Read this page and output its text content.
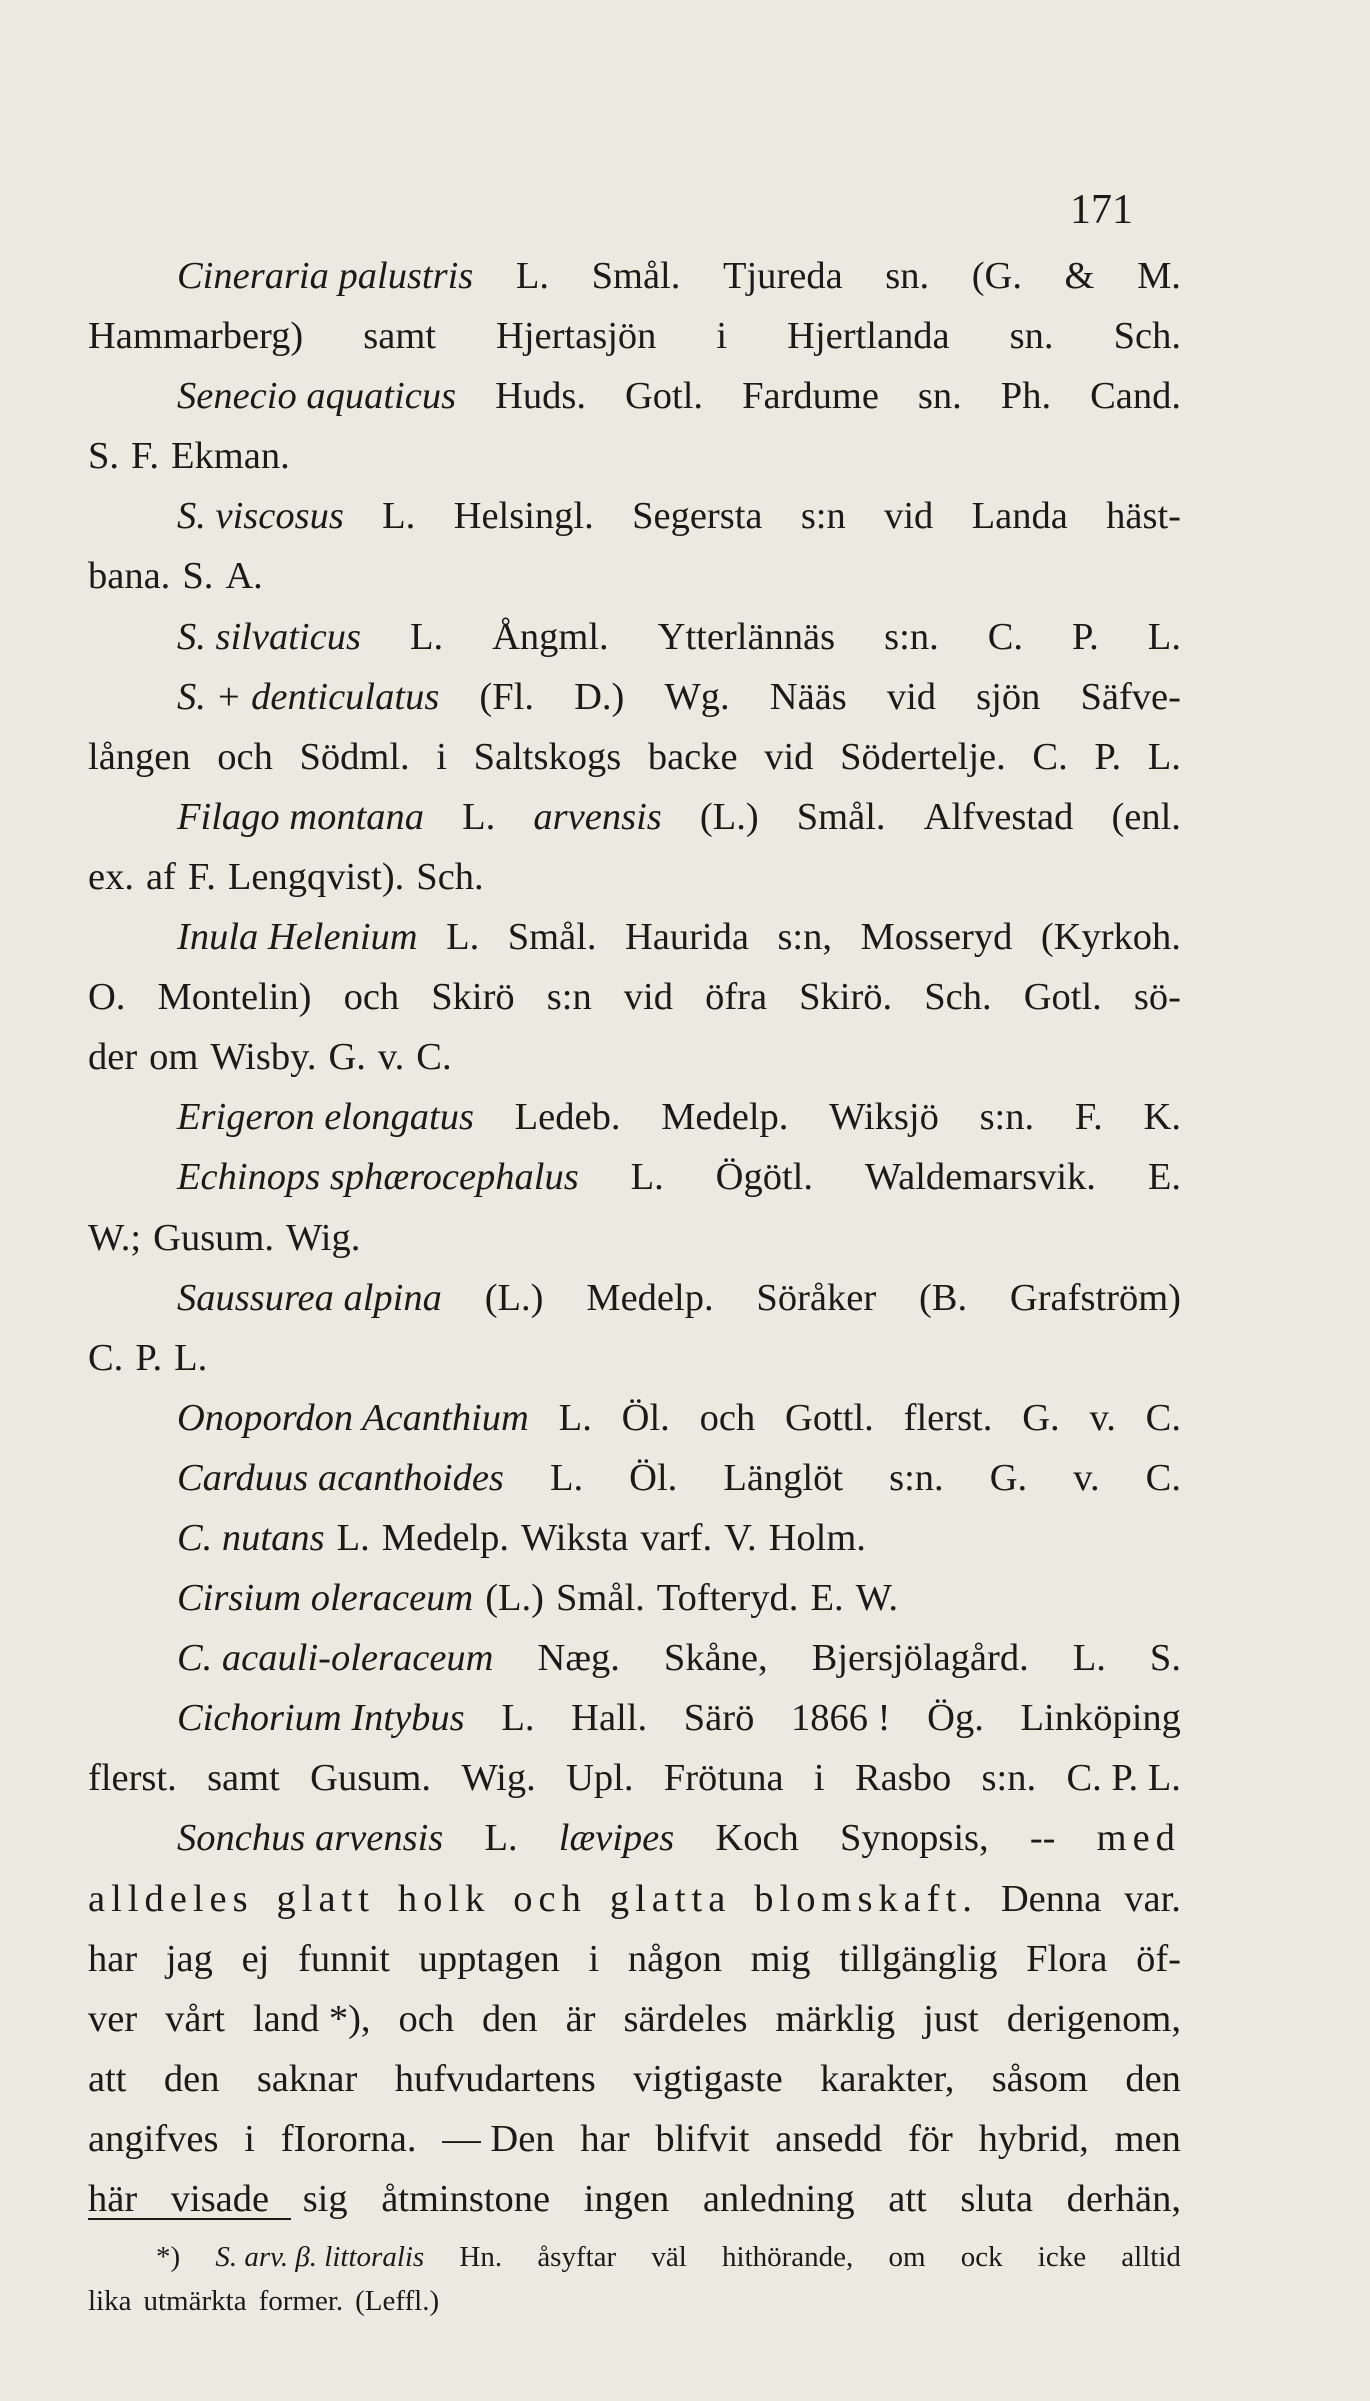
171
Cineraria palustris L. Smål. Tjureda sn. (G. & M.
Hammarberg) samt Hjertasjön i Hjertlanda sn. Sch.
Senecio aquaticus Huds. Gotl. Fardume sn. Ph. Cand.
S. F. Ekman.
S. viscosus L. Helsingl. Segersta s:n vid Landa häst-
bana. S. A.
S. silvaticus L. Ångml. Ytterlännäs s:n. C. P. L.
S. + denticulatus (Fl. D.) Wg. Nääs vid sjön Säfve-
lången och Södml. i Saltskogs backe vid Södertelje. C. P. L.
Filago montana L. arvensis (L.) Smål. Alfvestad (enl.
ex. af F. Lengqvist). Sch.
Inula Helenium L. Smål. Haurida s:n, Mosseryd (Kyrkoh.
O. Montelin) och Skirö s:n vid öfra Skirö. Sch. Gotl. sö-
der om Wisby. G. v. C.
Erigeron elongatus Ledeb. Medelp. Wiksjö s:n. F. K.
Echinops sphærocephalus L. Ögötl. Waldemarsvik. E.
W.; Gusum. Wig.
Saussurea alpina (L.) Medelp. Söråker (B. Grafström)
C. P. L.
Onopordon Acanthium L. Öl. och Gottl. flerst. G. v. C.
Carduus acanthoides L. Öl. Länglöt s:n. G. v. C.
C. nutans L. Medelp. Wiksta varf. V. Holm.
Cirsium oleraceum (L.) Smål. Tofteryd. E. W.
C. acauli-oleraceum Næg. Skåne, Bjersjölagård. L. S.
Cichorium Intybus L. Hall. Särö 1866 ! Ög. Linköping
flerst. samt Gusum. Wig. Upl. Frötuna i Rasbo s:n. C. P. L.
Sonchus arvensis L. lævipes Koch Synopsis, -- med
alldeles glatt holk och glatta blomskaft. Denna var.
har jag ej funnit upptagen i någon mig tillgänglig Flora öf-
ver vårt land *), och den är särdeles märklig just derigenom,
att den saknar hufvudartens vigtigaste karakter, såsom den
angifves i fIororna. — Den har blifvit ansedd för hybrid, men
här visade sig åtminstone ingen anledning att sluta derhän,
*) S. arv. β. littoralis Hn. åsyftar väl hithörande, om ock icke alltid
lika utmärkta former. (Leffl.)
